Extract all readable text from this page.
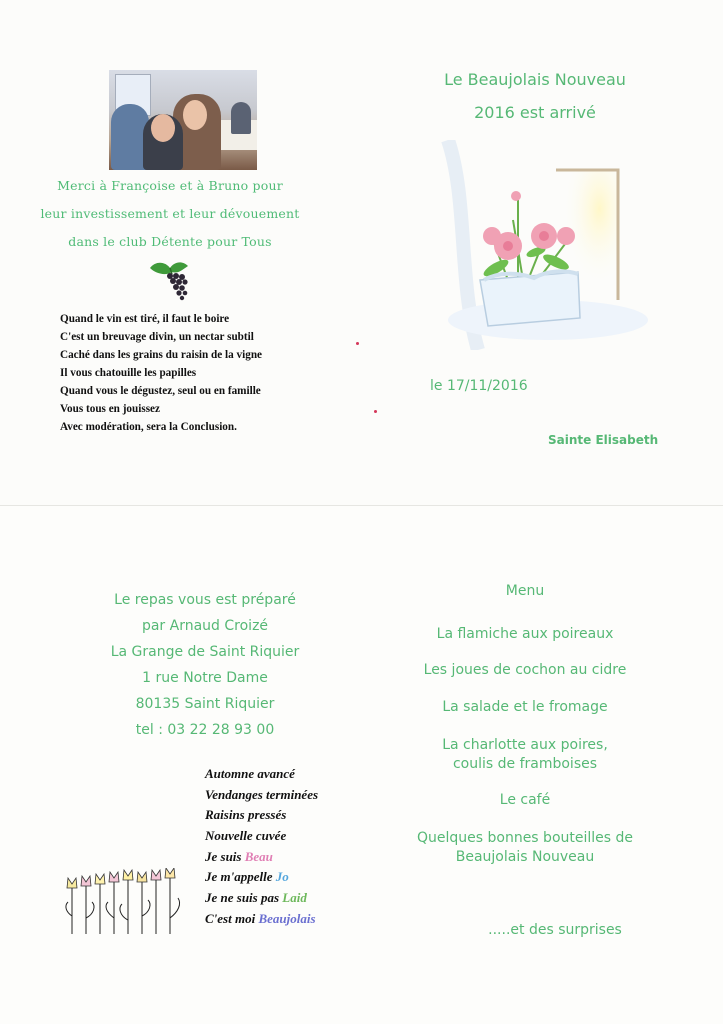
Merci à Françoise et à Bruno pour
leur investissement et leur dévouement
dans le club Détente pour Tous
Quand le vin est tiré, il faut le boire
C'est un breuvage divin, un nectar subtil
Caché dans les grains du raisin de la vigne
Il vous chatouille les papilles
Quand vous le dégustez, seul ou en famille
Vous tous en jouissez
Avec modération, sera la Conclusion.
Le Beaujolais Nouveau
2016 est arrivé
le 17/11/2016
Sainte Elisabeth
Le repas vous est préparé
par Arnaud Croizé
La Grange de Saint Riquier
1 rue Notre Dame
80135 Saint Riquier
tel : 03 22 28 93 00
Automne avancé
Vendanges terminées
Raisins pressés
Nouvelle cuvée
Je suis Beau
Je m'appelle Jo
Je ne suis pas Laid
C'est moi Beaujolais
Menu
La flamiche aux poireaux
Les joues de cochon au cidre
La salade et le fromage
La charlotte aux poires,
coulis de framboises
Le café
Quelques bonnes bouteilles de
Beaujolais Nouveau
.....et des surprises
